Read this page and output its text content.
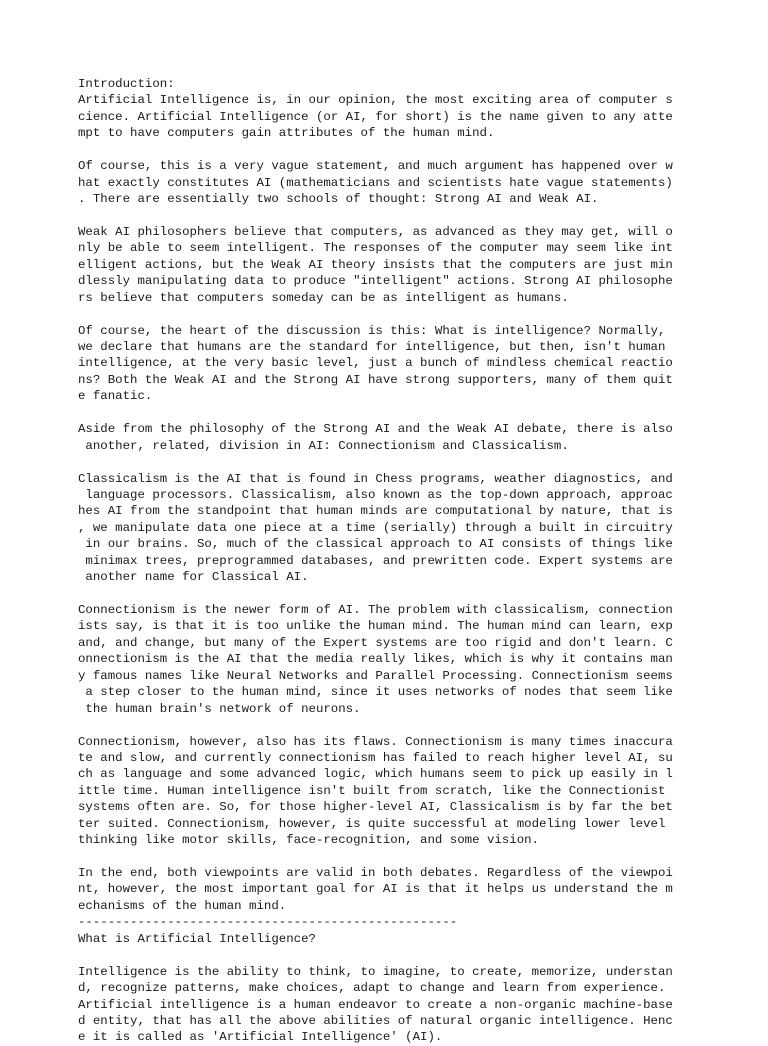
Introduction:
Artificial Intelligence is, in our opinion, the most exciting area of computer s
cience. Artificial Intelligence (or AI, for short) is the name given to any atte
mpt to have computers gain attributes of the human mind.
Of course, this is a very vague statement, and much argument has happened over w
hat exactly constitutes AI (mathematicians and scientists hate vague statements)
. There are essentially two schools of thought: Strong AI and Weak AI.
Weak AI philosophers believe that computers, as advanced as they may get, will o
nly be able to seem intelligent. The responses of the computer may seem like int
elligent actions, but the Weak AI theory insists that the computers are just min
dlessly manipulating data to produce "intelligent" actions. Strong AI philosophe
rs believe that computers someday can be as intelligent as humans.
Of course, the heart of the discussion is this: What is intelligence? Normally,
we declare that humans are the standard for intelligence, but then, isn't human
intelligence, at the very basic level, just a bunch of mindless chemical reactio
ns? Both the Weak AI and the Strong AI have strong supporters, many of them quit
e fanatic.
Aside from the philosophy of the Strong AI and the Weak AI debate, there is also
another, related, division in AI: Connectionism and Classicalism.
Classicalism is the AI that is found in Chess programs, weather diagnostics, and
language processors. Classicalism, also known as the top-down approach, approac
hes AI from the standpoint that human minds are computational by nature, that is
, we manipulate data one piece at a time (serially) through a built in circuitry
in our brains. So, much of the classical approach to AI consists of things like
minimax trees, preprogrammed databases, and prewritten code. Expert systems are
another name for Classical AI.
Connectionism is the newer form of AI. The problem with classicalism, connection
ists say, is that it is too unlike the human mind. The human mind can learn, exp
and, and change, but many of the Expert systems are too rigid and don't learn. C
onnectionism is the AI that the media really likes, which is why it contains man
y famous names like Neural Networks and Parallel Processing. Connectionism seems
a step closer to the human mind, since it uses networks of nodes that seem like
the human brain's network of neurons.
Connectionism, however, also has its flaws. Connectionism is many times inaccura
te and slow, and currently connectionism has failed to reach higher level AI, su
ch as language and some advanced logic, which humans seem to pick up easily in l
ittle time. Human intelligence isn't built from scratch, like the Connectionist
systems often are. So, for those higher-level AI, Classicalism is by far the bet
ter suited. Connectionism, however, is quite successful at modeling lower level
thinking like motor skills, face-recognition, and some vision.
In the end, both viewpoints are valid in both debates. Regardless of the viewpoi
nt, however, the most important goal for AI is that it helps us understand the m
echanisms of the human mind.
---------------------------------------------------
What is Artificial Intelligence?
Intelligence is the ability to think, to imagine, to create, memorize, understan
d, recognize patterns, make choices, adapt to change and learn from experience.
Artificial intelligence is a human endeavor to create a non-organic machine-base
d entity, that has all the above abilities of natural organic intelligence. Henc
e it is called as 'Artificial Intelligence' (AI).
